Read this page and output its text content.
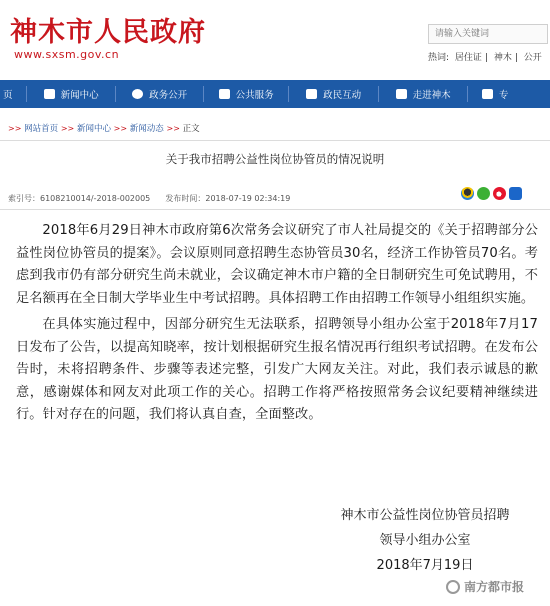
神木市人民政府
www.sxsm.gov.cn
请输入关键词	热词: 居住证 | 神木 | 公开
页	新闻中心	政务公开	公共服务	政民互动	走进神木	专
>> 网站首页 >> 新闻中心 >> 新闻动态 >> 正文
关于我市招聘公益性岗位协管员的情况说明
索引号：6108210014/-2018-002005 发布时间：2018-07-19 02:34:19

2018年6月29日神木市政府第6次常务会议研究了市人社局提交的《关于招聘部分公益性岗位协管员的提案》。会议原则同意招聘生态协管员30名，经济工作协管员70名。考虑到我市仍有部分研究生尚未就业，会议确定神木市户籍的全日制研究生可免试聘用，不足名额再在全日制大学毕业生中考试招聘。具体招聘工作由招聘工作领导小组组织实施。

在具体实施过程中，因部分研究生无法联系，招聘领导小组办公室于2018年7月17日发布了公告，以提高知晓率，按计划根据研究生报名情况再行组织考试招聘。在发布公告时，未将招聘条件、步骤等表述完整，引发广大网友关注。对此，我们表示诚恳的歉意，感谢媒体和网友对此项工作的关心。招聘工作将严格按照常务会议纪要精神继续进行。针对存在的问题，我们将认真自查，全面整改。

神木市公益性岗位协管员招聘
领导小组办公室
2018年7月19日
南方都市报
